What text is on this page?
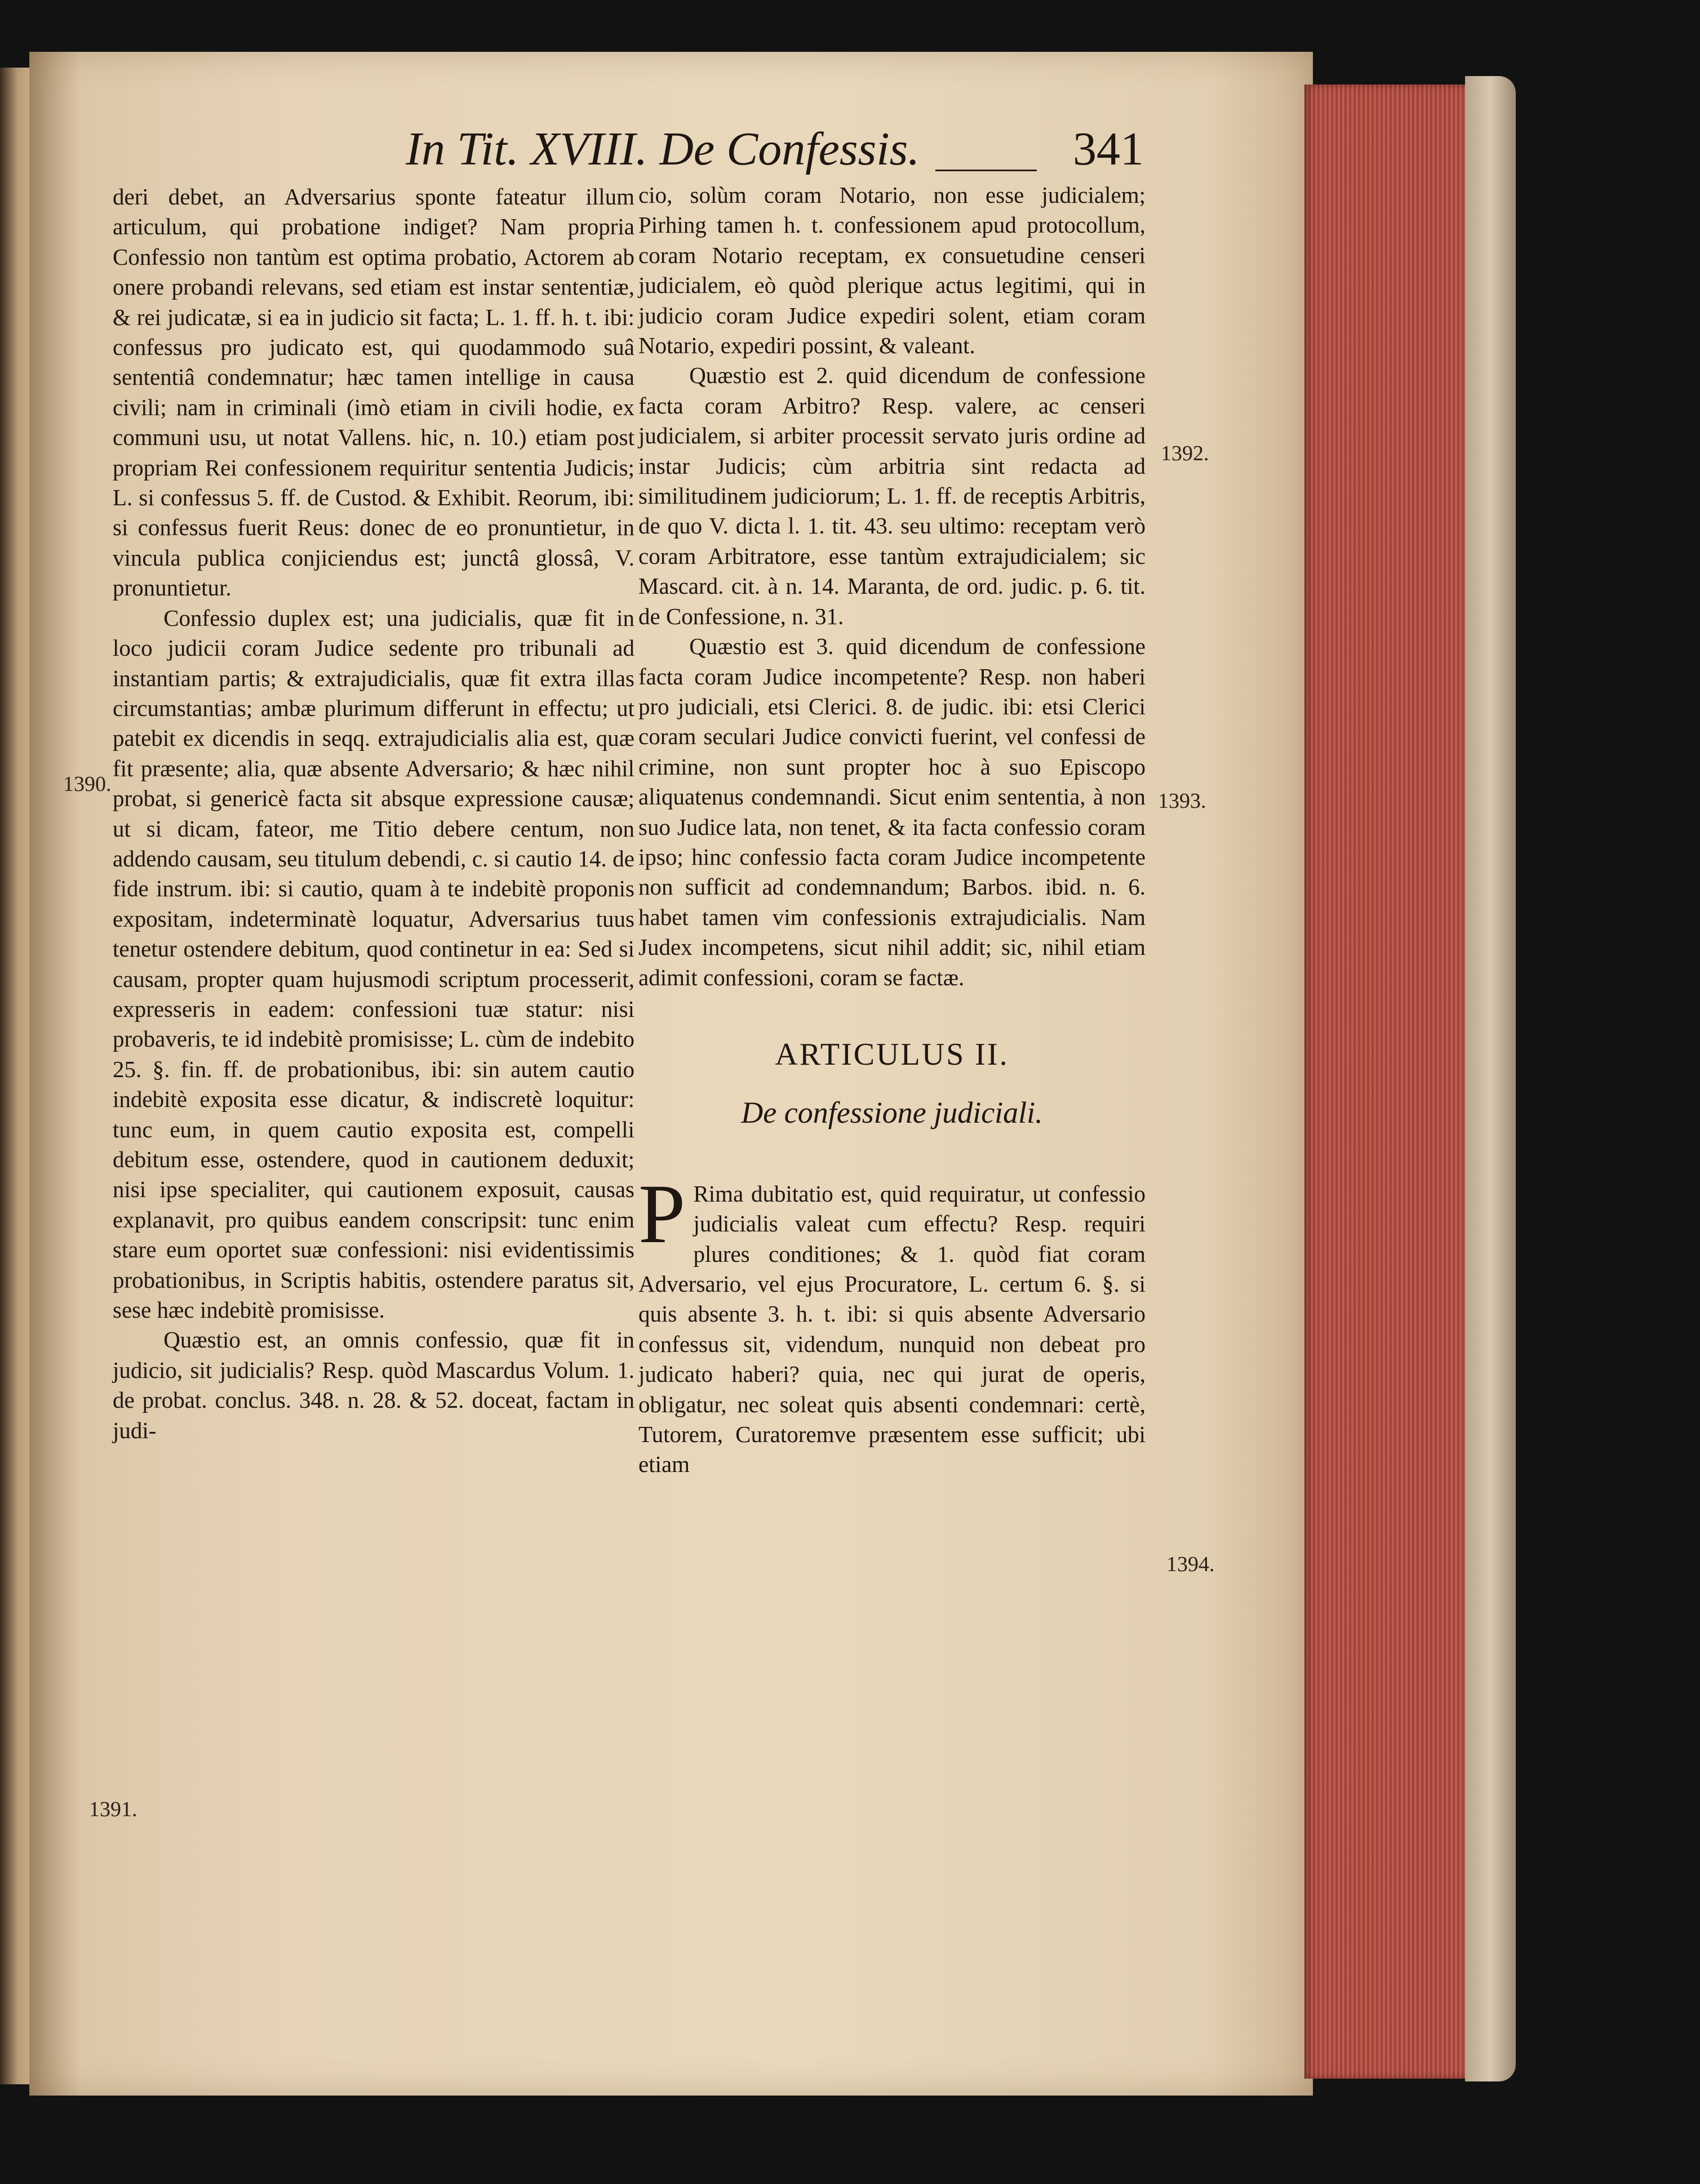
In Tit. XVIII. De Confessis.	341

deri debet, an Adversarius sponte fateatur illum articulum, qui probatione indiget? Nam propria Confessio non tantùm est optima probatio, Actorem ab onere probandi relevans, sed etiam est instar sententiæ, & rei judicatæ, si ea in judicio sit facta; L. 1. ff. h. t. ibi: confessus pro judicato est, qui quodammodo suâ sententiâ condemnatur; hæc tamen intellige in causa civili; nam in criminali (imò etiam in civili hodie, ex communi usu, ut notat Vallens. hic, n. 10.) etiam post propriam Rei confessionem requiritur sententia Judicis; L. si confessus 5. ff. de Custod. & Exhibit. Reorum, ibi: si confessus fuerit Reus: donec de eo pronuntietur, in vincula publica conjiciendus est; junctâ glossâ, V. pronuntietur.

Confessio duplex est; una judicialis, quæ fit in loco judicii coram Judice sedente pro tribunali ad instantiam partis; & extrajudicialis, quæ fit extra illas circumstantias; ambæ plurimum differunt in effectu; ut patebit ex dicendis in seqq. extrajudicialis alia est, quæ fit præsente; alia, quæ absente Adversario; & hæc nihil probat, si genericè facta sit absque expressione causæ; ut si dicam, fateor, me Titio debere centum, non addendo causam, seu titulum debendi, c. si cautio 14. de fide instrum. ibi: si cautio, quam à te indebitè proponis expositam, indeterminatè loquatur, Adversarius tuus tenetur ostendere debitum, quod continetur in ea: Sed si causam, propter quam hujusmodi scriptum processerit, expresseris in eadem: confessioni tuæ statur: nisi probaveris, te id indebitè promisisse; L. cùm de indebito 25. §. fin. ff. de probationibus, ibi: sin autem cautio indebitè exposita esse dicatur, & indiscretè loquitur: tunc eum, in quem cautio exposita est, compelli debitum esse, ostendere, quod in cautionem deduxit; nisi ipse specialiter, qui cautionem exposuit, causas explanavit, pro quibus eandem conscripsit: tunc enim stare eum oportet suæ confessioni: nisi evidentissimis probationibus, in Scriptis habitis, ostendere paratus sit, sese hæc indebitè promisisse.

Quæstio est, an omnis confessio, quæ fit in judicio, sit judicialis? Resp. quòd Mascardus Volum. 1. de probat. conclus. 348. n. 28. & 52. doceat, factam in judi-

cio, solùm coram Notario, non esse judicialem; Pirhing tamen h. t. confessionem apud protocollum, coram Notario receptam, ex consuetudine censeri judicialem, eò quòd plerique actus legitimi, qui in judicio coram Judice expediri solent, etiam coram Notario, expediri possint, & valeant.

Quæstio est 2. quid dicendum de confessione facta coram Arbitro? Resp. valere, ac censeri judicialem, si arbiter processit servato juris ordine ad instar Judicis; cùm arbitria sint redacta ad similitudinem judiciorum; L. 1. ff. de receptis Arbitris, de quo V. dicta l. 1. tit. 43. seu ultimo: receptam verò coram Arbitratore, esse tantùm extrajudicialem; sic Mascard. cit. à n. 14. Maranta, de ord. judic. p. 6. tit. de Confessione, n. 31.

Quæstio est 3. quid dicendum de confessione facta coram Judice incompetente? Resp. non haberi pro judiciali, etsi Clerici. 8. de judic. ibi: etsi Clerici coram seculari Judice convicti fuerint, vel confessi de crimine, non sunt propter hoc à suo Episcopo aliquatenus condemnandi. Sicut enim sententia, à non suo Judice lata, non tenet, & ita facta confessio coram ipso; hinc confessio facta coram Judice incompetente non sufficit ad condemnandum; Barbos. ibid. n. 6. habet tamen vim confessionis extrajudicialis. Nam Judex incompetens, sicut nihil addit; sic, nihil etiam adimit confessioni, coram se factæ.

ARTICULUS II.
De confessione judiciali.

PRima dubitatio est, quid requiratur, ut confessio judicialis valeat cum effectu? Resp. requiri plures conditiones; & 1. quòd fiat coram Adversario, vel ejus Procuratore, L. certum 6. §. si quis absente 3. h. t. ibi: si quis absente Adversario confessus sit, videndum, nunquid non debeat pro judicato haberi? quia, nec qui jurat de operis, obligatur, nec soleat quis absenti condemnari: certè, Tutorem, Curatoremve præsentem esse sufficit; ubi etiam

1390.
1391.
1392.
1393.
1394.
